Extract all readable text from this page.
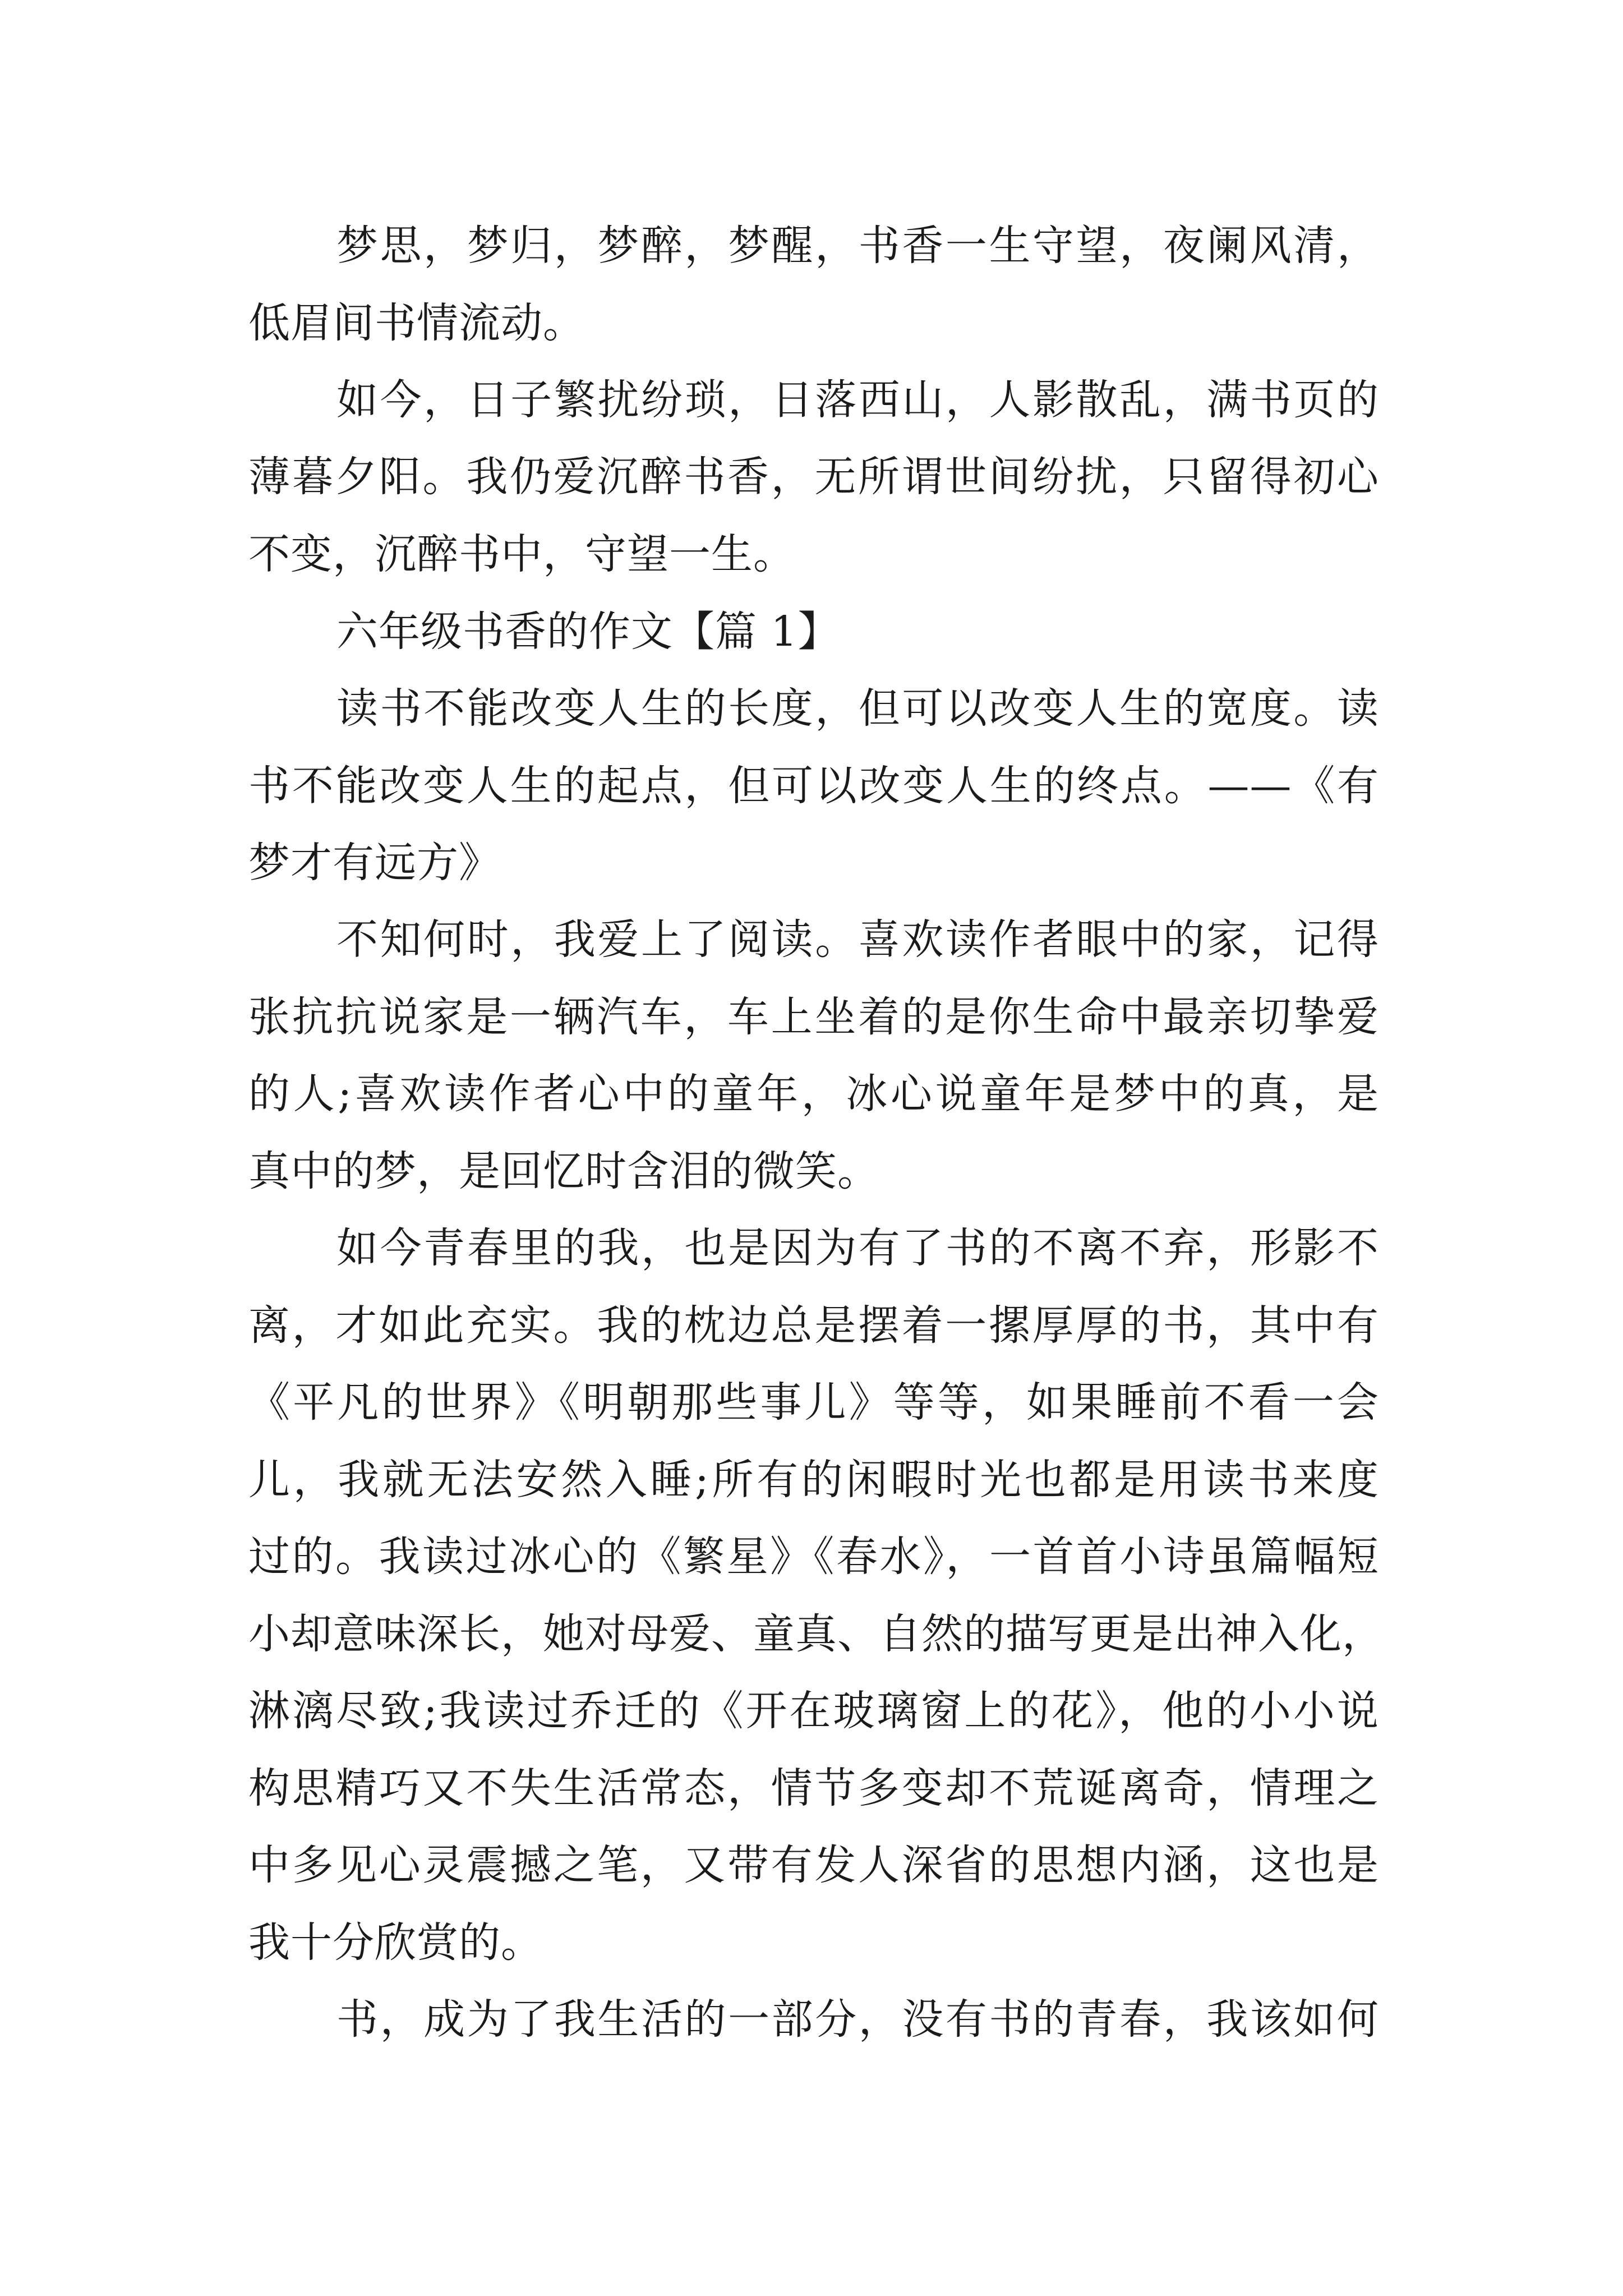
梦思，梦归，梦醉，梦醒，书香一生守望，夜阑风清，
低眉间书情流动。
如今，日子繁扰纷琐，日落西山，人影散乱，满书页的
薄暮夕阳。我仍爱沉醉书香，无所谓世间纷扰，只留得初心
不变，沉醉书中，守望一生。
六年级书香的作文【篇 1】
读书不能改变人生的长度，但可以改变人生的宽度。读
书不能改变人生的起点，但可以改变人生的终点。——《有
梦才有远方》
不知何时，我爱上了阅读。喜欢读作者眼中的家，记得
张抗抗说家是一辆汽车，车上坐着的是你生命中最亲切挚爱
的人;喜欢读作者心中的童年，冰心说童年是梦中的真，是
真中的梦，是回忆时含泪的微笑。
如今青春里的我，也是因为有了书的不离不弃，形影不
离，才如此充实。我的枕边总是摆着一摞厚厚的书，其中有
《平凡的世界》《明朝那些事儿》等等，如果睡前不看一会
儿，我就无法安然入睡;所有的闲暇时光也都是用读书来度
过的。我读过冰心的《繁星》《春水》，一首首小诗虽篇幅短
小却意味深长，她对母爱、童真、自然的描写更是出神入化，
淋漓尽致;我读过乔迁的《开在玻璃窗上的花》，他的小小说
构思精巧又不失生活常态，情节多变却不荒诞离奇，情理之
中多见心灵震撼之笔，又带有发人深省的思想内涵，这也是
我十分欣赏的。
书，成为了我生活的一部分，没有书的青春，我该如何
